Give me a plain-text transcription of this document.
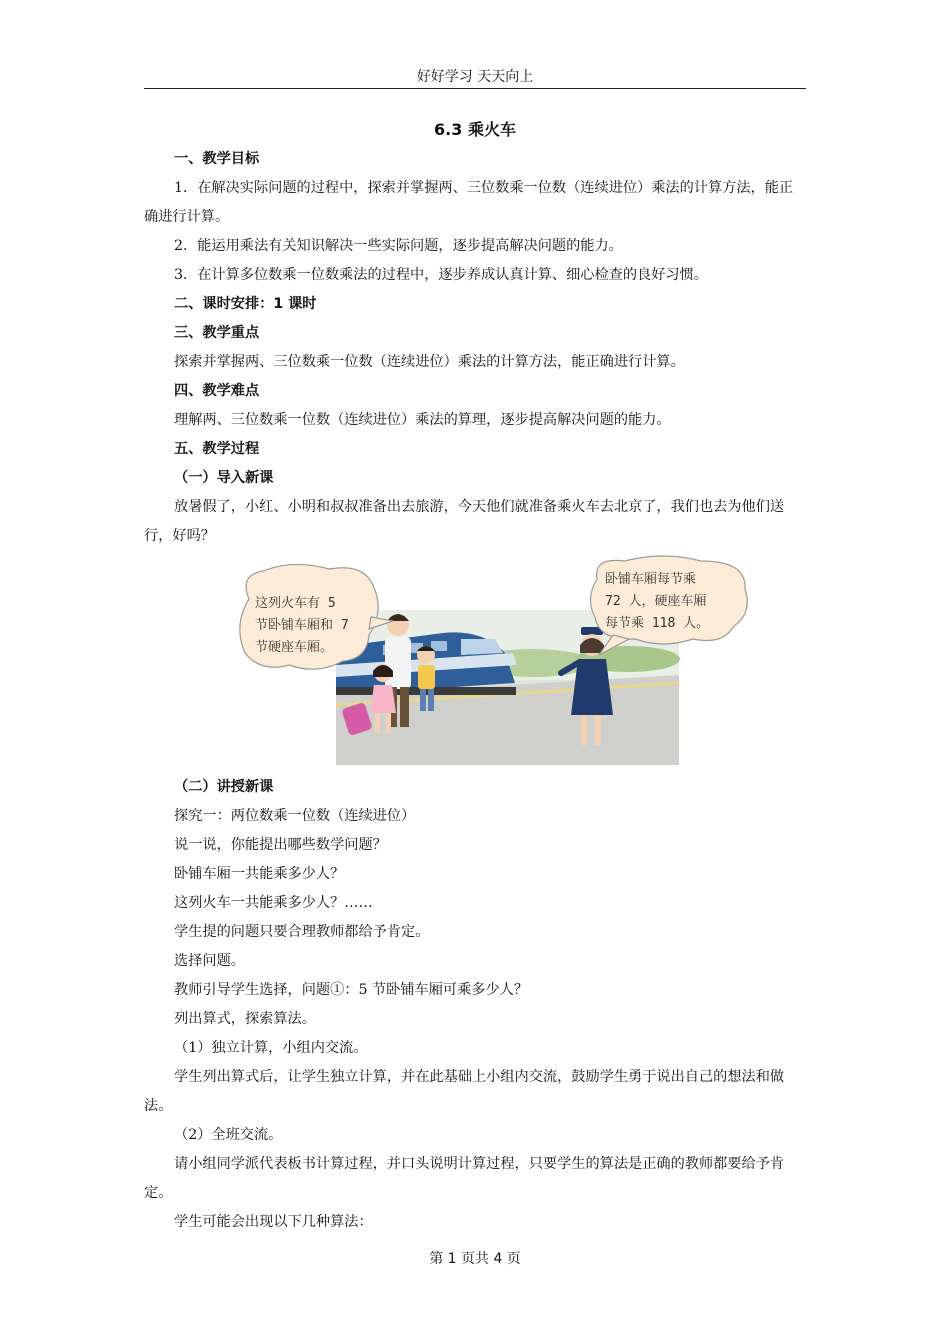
好好学习 天天向上
6.3 乘火车
一、教学目标
1．在解决实际问题的过程中，探索并掌握两、三位数乘一位数（连续进位）乘法的计算方法，能正确进行计算。
2．能运用乘法有关知识解决一些实际问题，逐步提高解决问题的能力。
3．在计算多位数乘一位数乘法的过程中，逐步养成认真计算、细心检查的良好习惯。
二、课时安排：1 课时
三、教学重点
探索并掌握两、三位数乘一位数（连续进位）乘法的计算方法，能正确进行计算。
四、教学难点
理解两、三位数乘一位数（连续进位）乘法的算理，逐步提高解决问题的能力。
五、教学过程
（一）导入新课
放暑假了，小红、小明和叔叔准备出去旅游，今天他们就准备乘火车去北京了，我们也去为他们送行，好吗？
这列火车有 5
节卧铺车厢和 7
节硬座车厢。
卧铺车厢每节乘
72 人，硬座车厢
每节乘 118 人。
（二）讲授新课
探究一：两位数乘一位数（连续进位）
说一说，你能提出哪些数学问题？
卧铺车厢一共能乘多少人？
这列火车一共能乘多少人？……
学生提的问题只要合理教师都给予肯定。
选择问题。
教师引导学生选择，问题①：5 节卧铺车厢可乘多少人？
列出算式，探索算法。
（1）独立计算，小组内交流。
学生列出算式后，让学生独立计算，并在此基础上小组内交流，鼓励学生勇于说出自己的想法和做法。
（2）全班交流。
请小组同学派代表板书计算过程，并口头说明计算过程，只要学生的算法是正确的教师都要给予肯定。
学生可能会出现以下几种算法：
第 1 页共 4 页
